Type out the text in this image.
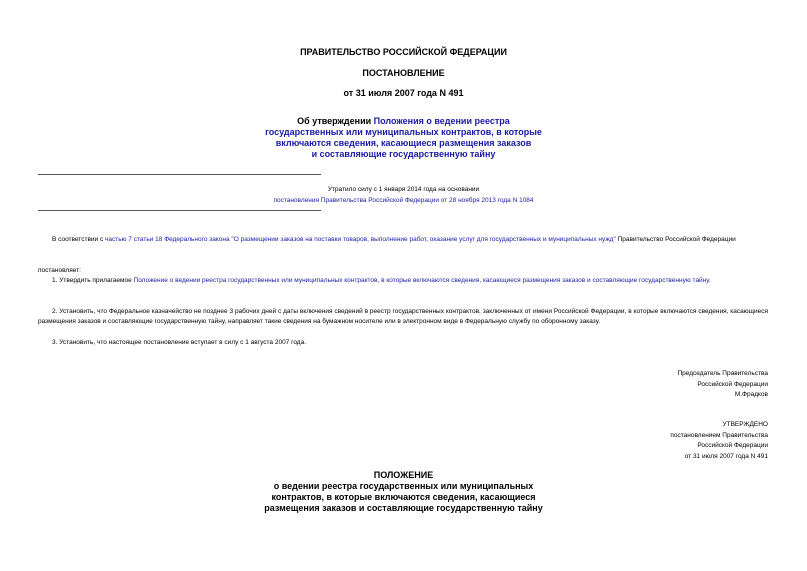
ПРАВИТЕЛЬСТВО РОССИЙСКОЙ ФЕДЕРАЦИИ
ПОСТАНОВЛЕНИЕ
от 31 июля 2007 года N 491
Об утверждении Положения о ведении реестра
государственных или муниципальных контрактов, в которые
включаются сведения, касающиеся размещения заказов
и составляющие государственную тайну
Утратило силу с 1 января 2014 года на основании
постановления Правительства Российской Федерации от 28 ноября 2013 года N 1084
В соответствии с частью 7 статьи 18 Федерального закона "О размещении заказов на поставки товаров, выполнение работ, оказание услуг для государственных и муниципальных нужд" Правительство Российской Федерации
постановляет:
1. Утвердить прилагаемое Положение о ведении реестра государственных или муниципальных контрактов, в которые включаются сведения, касающиеся размещения заказов и составляющие государственную тайну.
2. Установить, что Федеральное казначейство не позднее 3 рабочих дней с даты включения сведений в реестр государственных контрактов, заключенных от имени Российской Федерации, в которые включаются сведения, касающиеся размещения заказов и составляющие государственную тайну, направляет такие сведения на бумажном носителе или в электронном виде в Федеральную службу по оборонному заказу.
3. Установить, что настоящее постановление вступает в силу с 1 августа 2007 года.
Председатель Правительства
Российской Федерации
М.Фрадков
УТВЕРЖДЕНО
постановлением Правительства
Российской Федерации
от 31 июля 2007 года N 491
ПОЛОЖЕНИЕ
о ведении реестра государственных или муниципальных
контрактов, в которые включаются сведения, касающиеся
размещения заказов и составляющие государственную тайну
